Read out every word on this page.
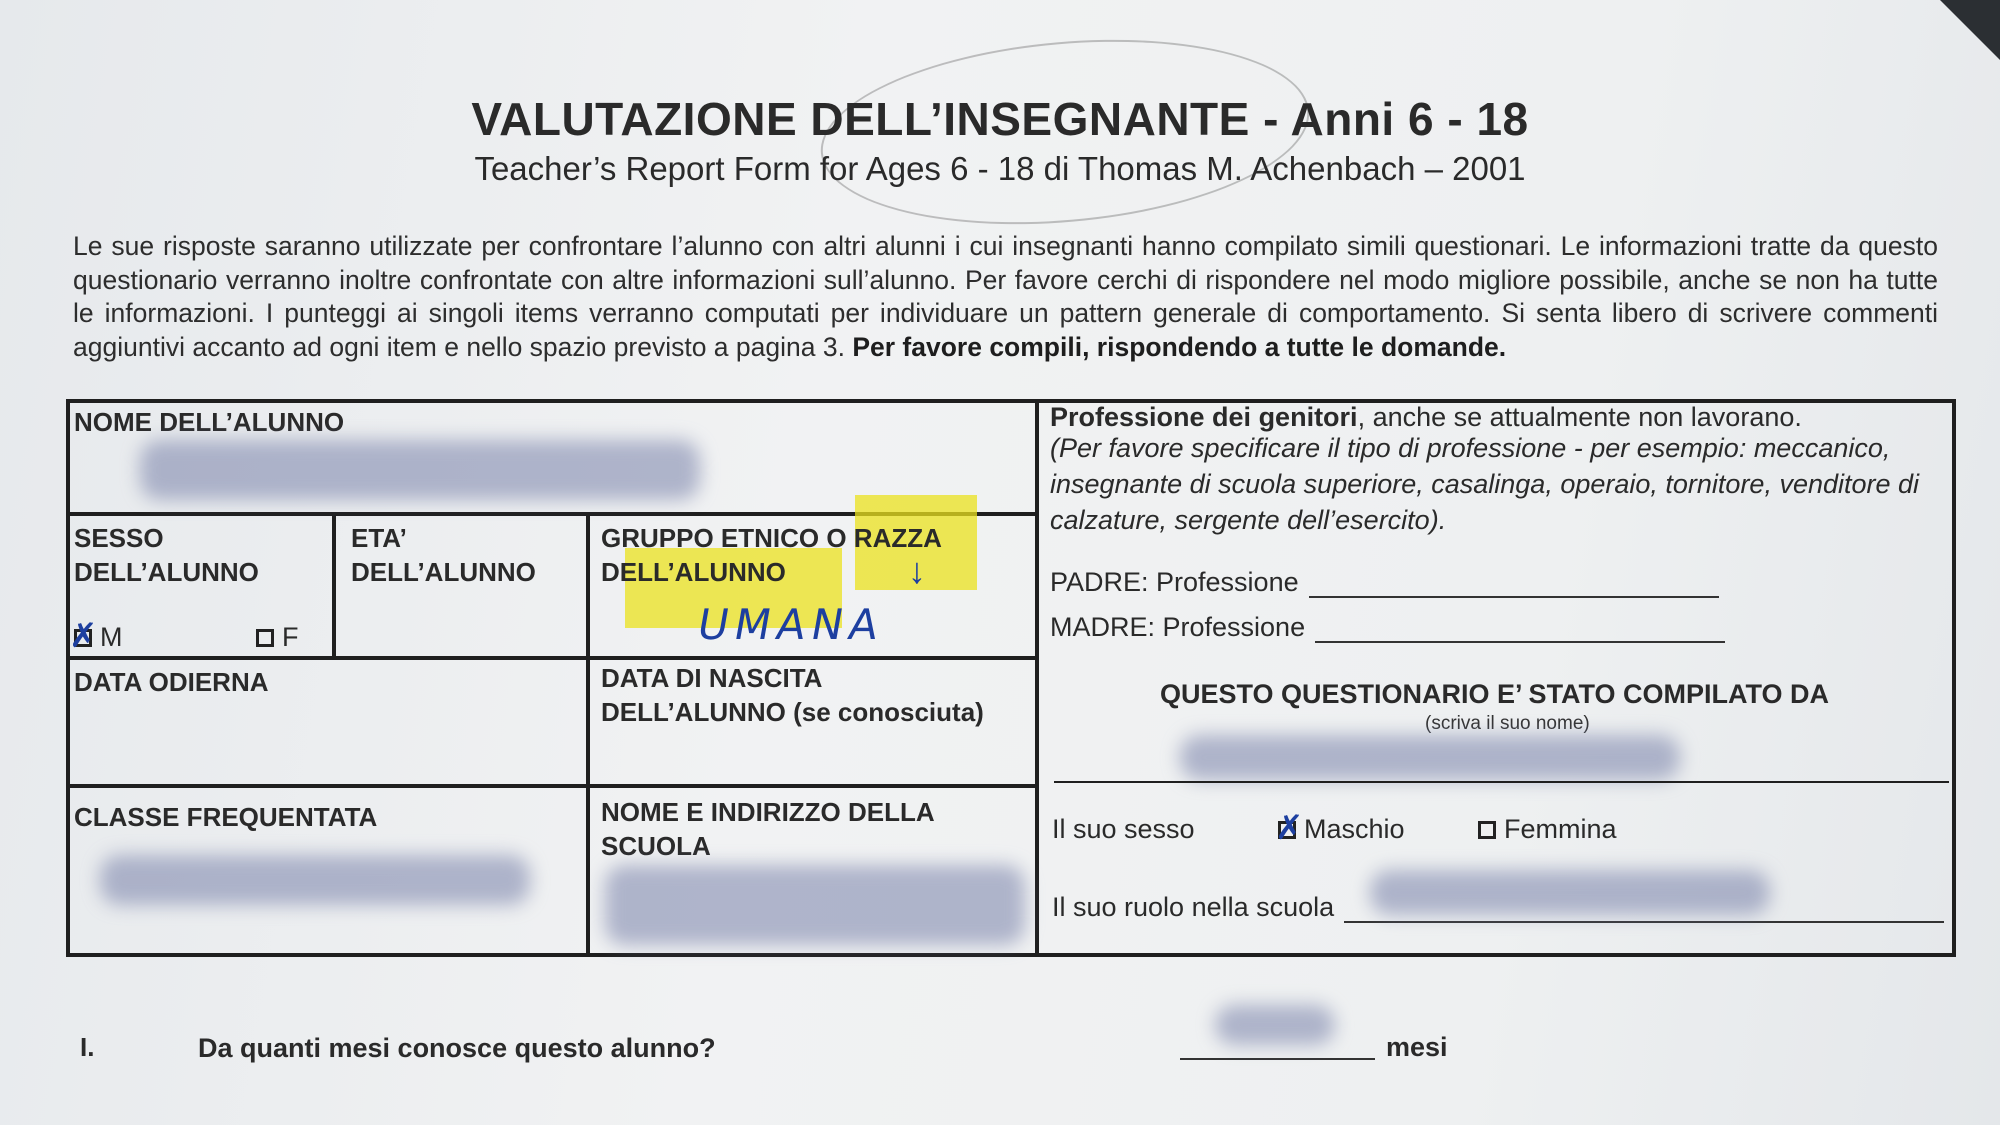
VALUTAZIONE DELL’INSEGNANTE - Anni 6 - 18
Teacher’s Report Form for Ages 6 - 18 di Thomas M. Achenbach – 2001
Le sue risposte saranno utilizzate per confrontare l’alunno con altri alunni i cui insegnanti hanno compilato simili questionari. Le informazioni tratte da questo questionario verranno inoltre confrontate con altre informazioni sull’alunno. Per favore cerchi di rispondere nel modo migliore possibile, anche se non ha tutte le informazioni. I punteggi ai singoli items verranno computati per individuare un pattern generale di comportamento. Si senta libero di scrivere commenti aggiuntivi accanto ad ogni item e nello spazio previsto a pagina 3. Per favore compili, rispondendo a tutte le domande.
NOME DELL’ALUNNO
SESSO
DELL’ALUNNO
✗ M	F
ETA’
DELL’ALUNNO
GRUPPO ETNICO O RAZZA
DELL’ALUNNO
UMANA
↓
DATA ODIERNA	DATA DI NASCITA
DELL’ALUNNO (se conosciuta)
CLASSE FREQUENTATA	NOME E INDIRIZZO DELLA
SCUOLA
Professione dei genitori, anche se attualmente non lavorano.
(Per favore specificare il tipo di professione - per esempio: meccanico,
insegnante di scuola superiore, casalinga, operaio, tornitore, venditore di
calzature, sergente dell’esercito).
PADRE: Professione
MADRE: Professione
QUESTO QUESTIONARIO E’ STATO COMPILATO DA
(scriva il suo nome)
Il suo sesso ✗ Maschio	Femmina
Il suo ruolo nella scuola
I.	Da quanti mesi conosce questo alunno?	mesi
